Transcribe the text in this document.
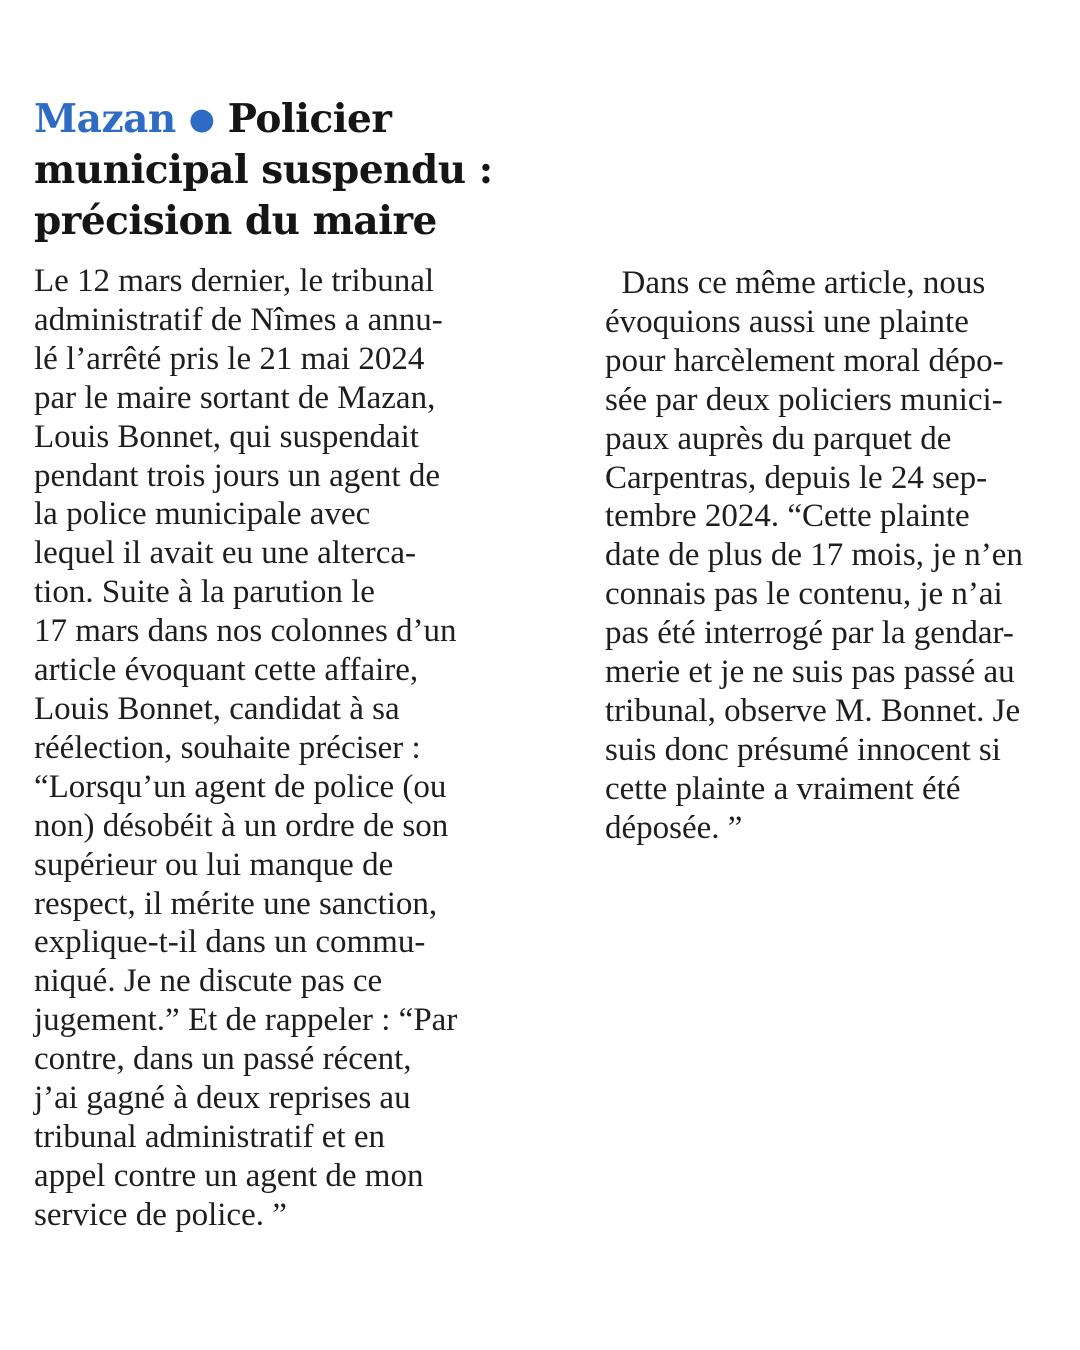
Mazan ● Policier
municipal suspendu :
précision du maire
Le 12 mars dernier, le tribunal
administratif de Nîmes a annu-
lé l’arrêté pris le 21 mai 2024
par le maire sortant de Mazan,
Louis Bonnet, qui suspendait
pendant trois jours un agent de
la police municipale avec
lequel il avait eu une alterca-
tion. Suite à la parution le
17 mars dans nos colonnes d’un
article évoquant cette affaire,
Louis Bonnet, candidat à sa
réélection, souhaite préciser :
“Lorsqu’un agent de police (ou
non) désobéit à un ordre de son
supérieur ou lui manque de
respect, il mérite une sanction,
explique-t-il dans un commu-
niqué. Je ne discute pas ce
jugement.” Et de rappeler : “Par
contre, dans un passé récent,
j’ai gagné à deux reprises au
tribunal administratif et en
appel contre un agent de mon
service de police. ”
Dans ce même article, nous
évoquions aussi une plainte
pour harcèlement moral dépo-
sée par deux policiers munici-
paux auprès du parquet de
Carpentras, depuis le 24 sep-
tembre 2024. “Cette plainte
date de plus de 17 mois, je n’en
connais pas le contenu, je n’ai
pas été interrogé par la gendar-
merie et je ne suis pas passé au
tribunal, observe M. Bonnet. Je
suis donc présumé innocent si
cette plainte a vraiment été
déposée. ”
